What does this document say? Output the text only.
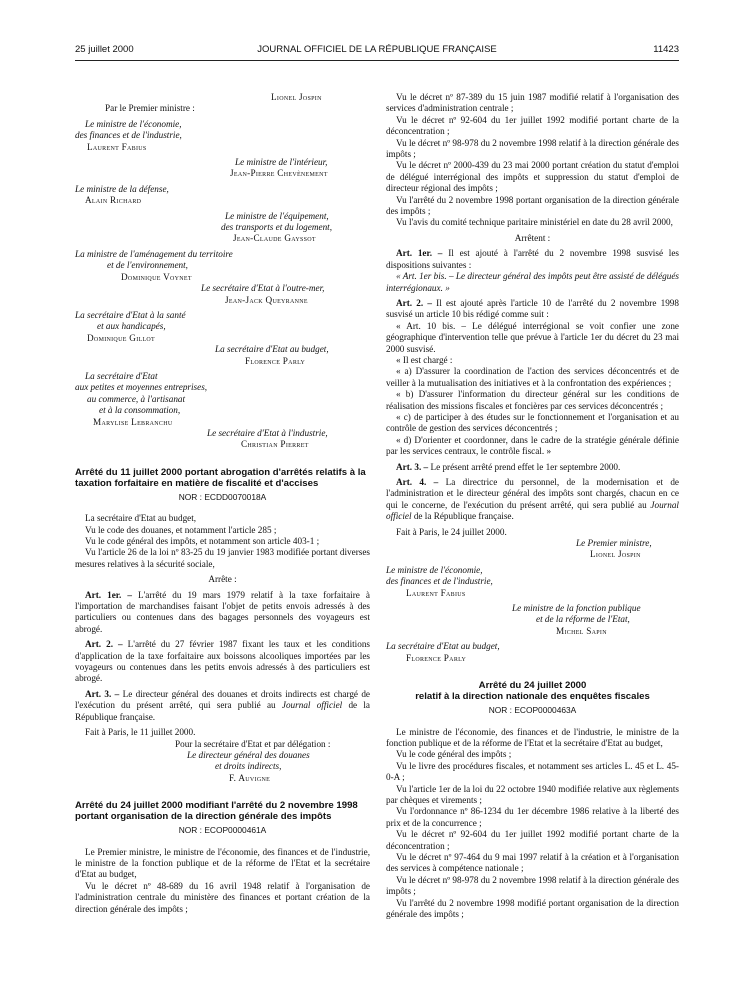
25 juillet 2000	JOURNAL OFFICIEL DE LA RÉPUBLIQUE FRANÇAISE	11423

Lionel Jospin

Par le Premier ministre :

Le ministre de l'économie,

des finances et de l'industrie,

Laurent Fabius

Le ministre de l'intérieur,

Jean-Pierre Chevènement

Le ministre de la défense,

Alain Richard

Le ministre de l'équipement,

des transports et du logement,

Jean-Claude Gayssot

La ministre de l'aménagement du territoire

et de l'environnement,

Dominique Voynet

Le secrétaire d'Etat à l'outre-mer,

Jean-Jack Queyranne

La secrétaire d'Etat à la santé

et aux handicapés,

Dominique Gillot

La secrétaire d'Etat au budget,

Florence Parly

La secrétaire d'Etat

aux petites et moyennes entreprises,

au commerce, à l'artisanat

et à la consommation,

Marylise Lebranchu

Le secrétaire d'Etat à l'industrie,

Christian Pierret

Arrêté du 11 juillet 2000 portant abrogation d'arrêtés relatifs à la taxation forfaitaire en matière de fiscalité et d'accises

NOR : ECDD0070018A

La secrétaire d'Etat au budget,

Vu le code des douanes, et notamment l'article 285 ;

Vu le code général des impôts, et notamment son article 403-1 ;

Vu l'article 26 de la loi nº 83-25 du 19 janvier 1983 modifiée portant diverses mesures relatives à la sécurité sociale,

Arrête :

Art. 1er. – L'arrêté du 19 mars 1979 relatif à la taxe forfaitaire à l'importation de marchandises faisant l'objet de petits envois adressés à des particuliers ou contenues dans des bagages personnels des voyageurs est abrogé.

Art. 2. – L'arrêté du 27 février 1987 fixant les taux et les conditions d'application de la taxe forfaitaire aux boissons alcooliques importées par les voyageurs ou contenues dans les petits envois adressés à des particuliers est abrogé.

Art. 3. – Le directeur général des douanes et droits indirects est chargé de l'exécution du présent arrêté, qui sera publié au Journal officiel de la République française.

Fait à Paris, le 11 juillet 2000.

Pour la secrétaire d'Etat et par délégation :

Le directeur général des douanes

et droits indirects,

F. Auvigne

Arrêté du 24 juillet 2000 modifiant l'arrêté du 2 novembre 1998 portant organisation de la direction générale des impôts

NOR : ECOP0000461A

Le Premier ministre, le ministre de l'économie, des finances et de l'industrie, le ministre de la fonction publique et de la réforme de l'Etat et la secrétaire d'Etat au budget,

Vu le décret nº 48-689 du 16 avril 1948 relatif à l'organisation de l'administration centrale du ministère des finances et portant création de la direction générale des impôts ;

Vu le décret nº 87-389 du 15 juin 1987 modifié relatif à l'organisation des services d'administration centrale ;

Vu le décret nº 92-604 du 1er juillet 1992 modifié portant charte de la déconcentration ;

Vu le décret nº 98-978 du 2 novembre 1998 relatif à la direction générale des impôts ;

Vu le décret nº 2000-439 du 23 mai 2000 portant création du statut d'emploi de délégué interrégional des impôts et suppression du statut d'emploi de directeur régional des impôts ;

Vu l'arrêté du 2 novembre 1998 portant organisation de la direction générale des impôts ;

Vu l'avis du comité technique paritaire ministériel en date du 28 avril 2000,

Arrêtent :

Art. 1er. – Il est ajouté à l'arrêté du 2 novembre 1998 susvisé les dispositions suivantes :

« Art. 1er bis. – Le directeur général des impôts peut être assisté de délégués interrégionaux. »

Art. 2. – Il est ajouté après l'article 10 de l'arrêté du 2 novembre 1998 susvisé un article 10 bis rédigé comme suit :

« Art. 10 bis. – Le délégué interrégional se voit confier une zone géographique d'intervention telle que prévue à l'article 1er du décret du 23 mai 2000 susvisé.

« Il est chargé :

« a) D'assurer la coordination de l'action des services déconcentrés et de veiller à la mutualisation des initiatives et à la confrontation des expériences ;

« b) D'assurer l'information du directeur général sur les conditions de réalisation des missions fiscales et foncières par ces services déconcentrés ;

« c) de participer à des études sur le fonctionnement et l'organisation et au contrôle de gestion des services déconcentrés ;

« d) D'orienter et coordonner, dans le cadre de la stratégie générale définie par les services centraux, le contrôle fiscal. »

Art. 3. – Le présent arrêté prend effet le 1er septembre 2000.

Art. 4. – La directrice du personnel, de la modernisation et de l'administration et le directeur général des impôts sont chargés, chacun en ce qui le concerne, de l'exécution du présent arrêté, qui sera publié au Journal officiel de la République française.

Fait à Paris, le 24 juillet 2000.

Le Premier ministre,

Lionel Jospin

Le ministre de l'économie,

des finances et de l'industrie,

Laurent Fabius

Le ministre de la fonction publique

et de la réforme de l'Etat,

Michel Sapin

La secrétaire d'Etat au budget,

Florence Parly

Arrêté du 24 juillet 2000

relatif à la direction nationale des enquêtes fiscales

NOR : ECOP0000463A

Le ministre de l'économie, des finances et de l'industrie, le ministre de la fonction publique et de la réforme de l'Etat et la secrétaire d'Etat au budget,

Vu le code général des impôts ;

Vu le livre des procédures fiscales, et notamment ses articles L. 45 et L. 45-0-A ;

Vu l'article 1er de la loi du 22 octobre 1940 modifiée relative aux règlements par chèques et virements ;

Vu l'ordonnance nº 86-1234 du 1er décembre 1986 relative à la liberté des prix et de la concurrence ;

Vu le décret nº 92-604 du 1er juillet 1992 modifié portant charte de la déconcentration ;

Vu le décret nº 97-464 du 9 mai 1997 relatif à la création et à l'organisation des services à compétence nationale ;

Vu le décret nº 98-978 du 2 novembre 1998 relatif à la direction générale des impôts ;

Vu l'arrêté du 2 novembre 1998 modifié portant organisation de la direction générale des impôts ;
